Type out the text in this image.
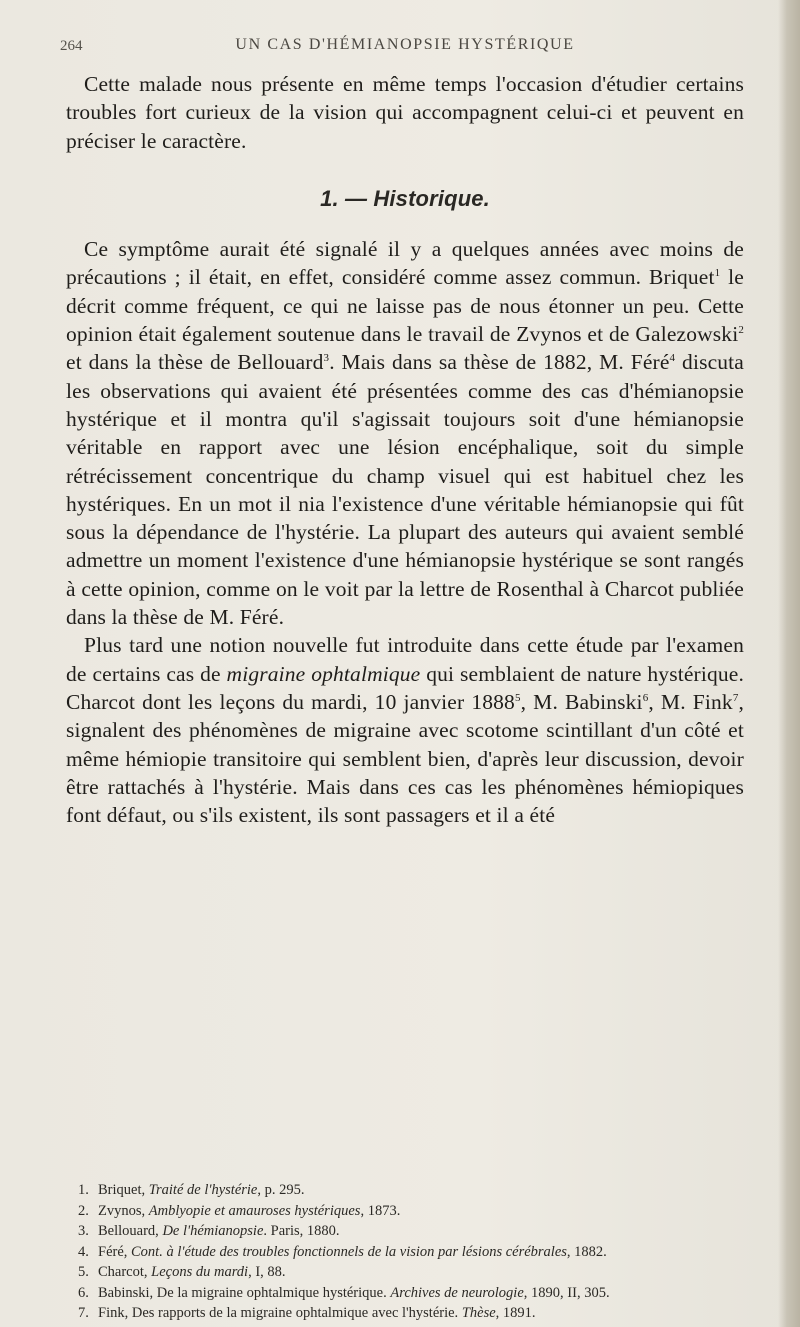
264	UN CAS D'HÉMIANOPSIE HYSTÉRIQUE

Cette malade nous présente en même temps l'occasion d'étudier certains troubles fort curieux de la vision qui accompagnent celui-ci et peuvent en préciser le caractère.

1. — Historique.

Ce symptôme aurait été signalé il y a quelques années avec moins de précautions ; il était, en effet, considéré comme assez commun. Briquet$^1$ le décrit comme fréquent, ce qui ne laisse pas de nous étonner un peu. Cette opinion était également soutenue dans le travail de Zvynos et de Galezowski$^2$ et dans la thèse de Bellouard$^3$. Mais dans sa thèse de 1882, M. Féré$^4$ discuta les observations qui avaient été présentées comme des cas d'hémianopsie hystérique et il montra qu'il s'agissait toujours soit d'une hémianopsie véritable en rapport avec une lésion encéphalique, soit du simple rétrécissement concentrique du champ visuel qui est habituel chez les hystériques. En un mot il nia l'existence d'une véritable hémianopsie qui fût sous la dépendance de l'hystérie. La plupart des auteurs qui avaient semblé admettre un moment l'existence d'une hémianopsie hystérique se sont rangés à cette opinion, comme on le voit par la lettre de Rosenthal à Charcot publiée dans la thèse de M. Féré.

Plus tard une notion nouvelle fut introduite dans cette étude par l'examen de certains cas de migraine ophtalmique qui semblaient de nature hystérique. Charcot dont les leçons du mardi, 10 janvier 1888$^5$, M. Babinski$^6$, M. Fink$^7$, signalent des phénomènes de migraine avec scotome scintillant d'un côté et même hémiopie transitoire qui semblent bien, d'après leur discussion, devoir être rattachés à l'hystérie. Mais dans ces cas les phénomènes hémiopiques font défaut, ou s'ils existent, ils sont passagers et il a été

1. Briquet, Traité de l'hystérie, p. 295.

2. Zvynos, Amblyopie et amauroses hystériques, 1873.

3. Bellouard, De l'hémianopsie. Paris, 1880.

4. Féré, Cont. à l'étude des troubles fonctionnels de la vision par lésions cérébrales, 1882.

5. Charcot, Leçons du mardi, I, 88.

6. Babinski, De la migraine ophtalmique hystérique. Archives de neurologie, 1890, II, 305.

7. Fink, Des rapports de la migraine ophtalmique avec l'hystérie. Thèse, 1891.
